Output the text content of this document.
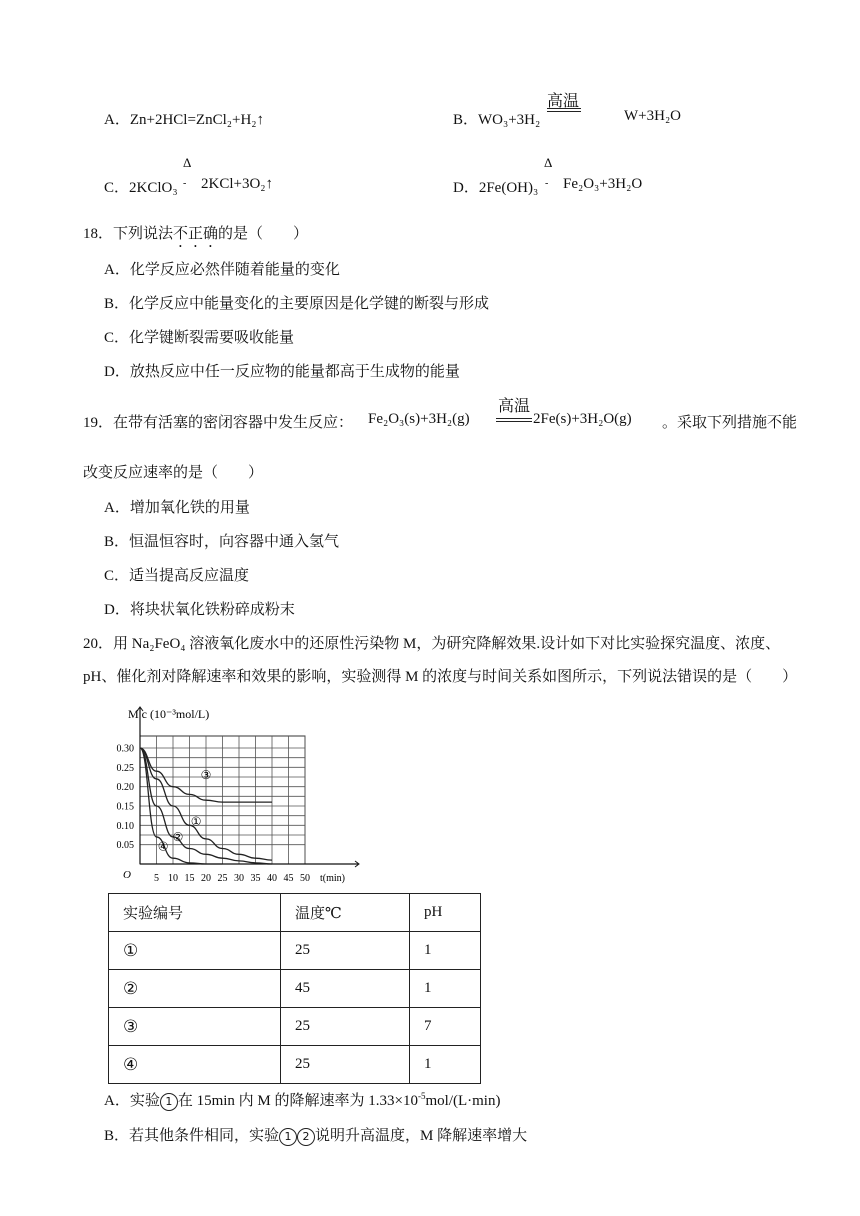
A．Zn+2HCl=ZnCl₂+H₂↑	B．WO₃+3H₂
高温
W+3H₂O
Δ
C．2KClO₃ - 2KCl+3O₂↑
Δ
D．2Fe(OH)₃ - Fe₂O₃+3H₂O
18．下列说法不正确的是（　　）
A．化学反应必然伴随着能量的变化
B．化学反应中能量变化的主要原因是化学键的断裂与形成
C．化学键断裂需要吸收能量
D．放热反应中任一反应物的能量都高于生成物的能量
19．在带有活塞的密闭容器中发生反应： Fe₂O₃(s)+3H₂(g)
高温
2Fe(s)+3H₂O(g) 。采取下列措施不能
改变反应速率的是（　　）
A．增加氧化铁的用量
B．恒温恒容时，向容器中通入氢气
C．适当提高反应温度
D．将块状氧化铁粉碎成粉末
20．用 Na₂FeO₄ 溶液氧化废水中的还原性污染物 M，为研究降解效果.设计如下对比实验探究温度、浓度、
pH、催化剂对降解速率和效果的影响，实验测得 M 的浓度与时间关系如图所示，下列说法错误的是（　　）
M c (10⁻³mol/L)
O	t(min)
5 10 15 20 25 30 35 40 45 50
0.30
0.25
0.20
0.15
0.10
0.05
③
①
②
④
实验编号	温度℃	pH
①	25	1
②	45	1
③	25	7
④	25	1
A．实验 1 在 15min 内 M 的降解速率为 $1.33\times 10^{-5}mol/(L\cdot\min)$
B．若其他条件相同，实验 1 2 说明升高温度，M 降解速率增大
